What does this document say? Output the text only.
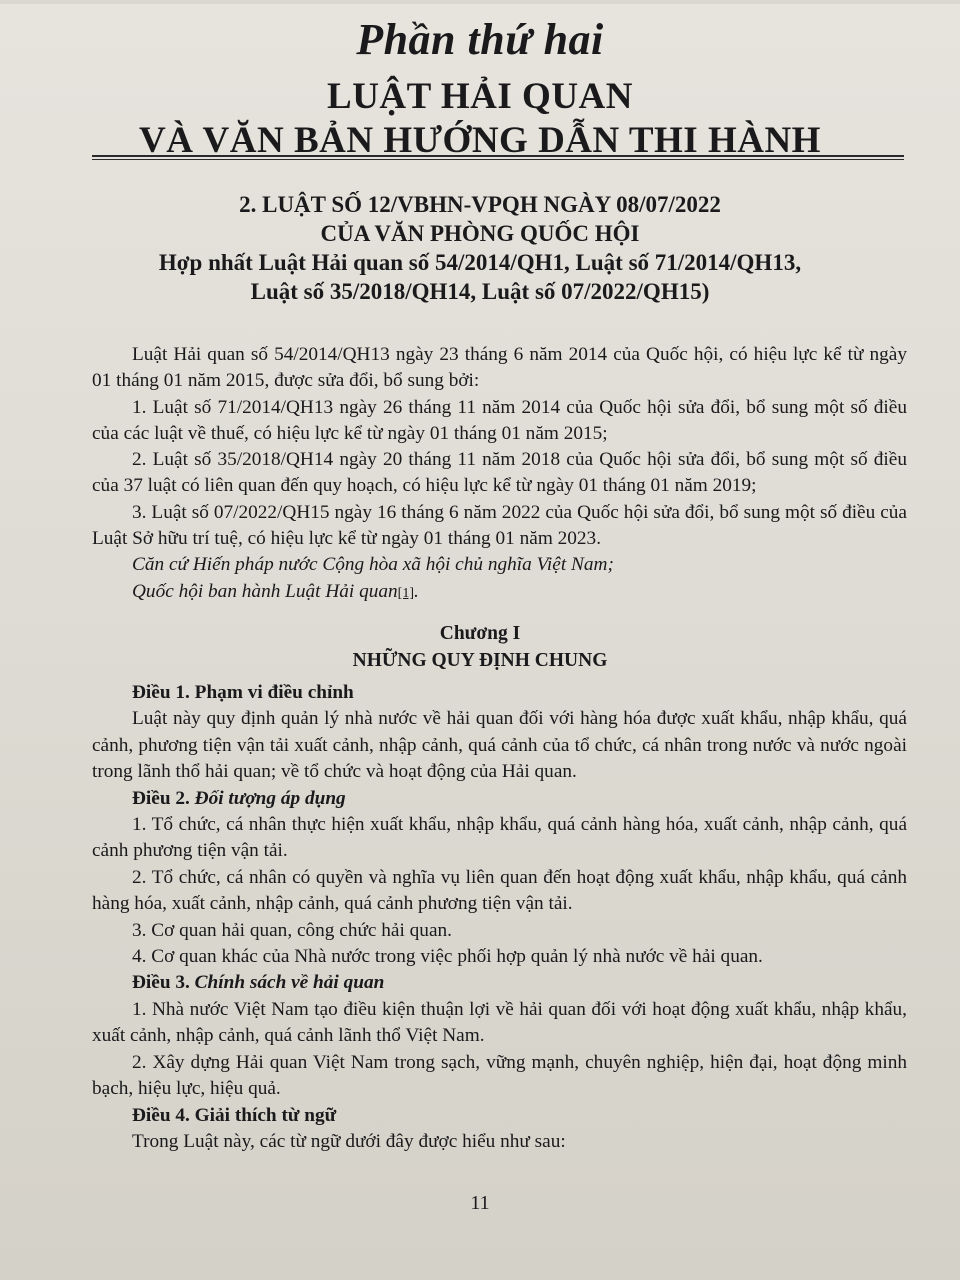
Phần thứ hai
LUẬT HẢI QUAN
VÀ VĂN BẢN HƯỚNG DẪN THI HÀNH
2. LUẬT SỐ 12/VBHN-VPQH NGÀY 08/07/2022
CỦA VĂN PHÒNG QUỐC HỘI
Hợp nhất Luật Hải quan số 54/2014/QH1, Luật số 71/2014/QH13,
Luật số 35/2018/QH14, Luật số 07/2022/QH15)

Luật Hải quan số 54/2014/QH13 ngày 23 tháng 6 năm 2014 của Quốc hội, có hiệu lực kể từ ngày 01 tháng 01 năm 2015, được sửa đổi, bổ sung bởi:

1. Luật số 71/2014/QH13 ngày 26 tháng 11 năm 2014 của Quốc hội sửa đổi, bổ sung một số điều của các luật về thuế, có hiệu lực kể từ ngày 01 tháng 01 năm 2015;

2. Luật số 35/2018/QH14 ngày 20 tháng 11 năm 2018 của Quốc hội sửa đổi, bổ sung một số điều của 37 luật có liên quan đến quy hoạch, có hiệu lực kể từ ngày 01 tháng 01 năm 2019;

3. Luật số 07/2022/QH15 ngày 16 tháng 6 năm 2022 của Quốc hội sửa đổi, bổ sung một số điều của Luật Sở hữu trí tuệ, có hiệu lực kể từ ngày 01 tháng 01 năm 2023.

Căn cứ Hiến pháp nước Cộng hòa xã hội chủ nghĩa Việt Nam;

Quốc hội ban hành Luật Hải quan[1].

Chương I
NHỮNG QUY ĐỊNH CHUNG

Điều 1. Phạm vi điều chỉnh

Luật này quy định quản lý nhà nước về hải quan đối với hàng hóa được xuất khẩu, nhập khẩu, quá cảnh, phương tiện vận tải xuất cảnh, nhập cảnh, quá cảnh của tổ chức, cá nhân trong nước và nước ngoài trong lãnh thổ hải quan; về tổ chức và hoạt động của Hải quan.

Điều 2. Đối tượng áp dụng

1. Tổ chức, cá nhân thực hiện xuất khẩu, nhập khẩu, quá cảnh hàng hóa, xuất cảnh, nhập cảnh, quá cảnh phương tiện vận tải.

2. Tổ chức, cá nhân có quyền và nghĩa vụ liên quan đến hoạt động xuất khẩu, nhập khẩu, quá cảnh hàng hóa, xuất cảnh, nhập cảnh, quá cảnh phương tiện vận tải.

3. Cơ quan hải quan, công chức hải quan.

4. Cơ quan khác của Nhà nước trong việc phối hợp quản lý nhà nước về hải quan.

Điều 3. Chính sách về hải quan

1. Nhà nước Việt Nam tạo điều kiện thuận lợi về hải quan đối với hoạt động xuất khẩu, nhập khẩu, xuất cảnh, nhập cảnh, quá cảnh lãnh thổ Việt Nam.

2. Xây dựng Hải quan Việt Nam trong sạch, vững mạnh, chuyên nghiệp, hiện đại, hoạt động minh bạch, hiệu lực, hiệu quả.

Điều 4. Giải thích từ ngữ

Trong Luật này, các từ ngữ dưới đây được hiểu như sau:

11
